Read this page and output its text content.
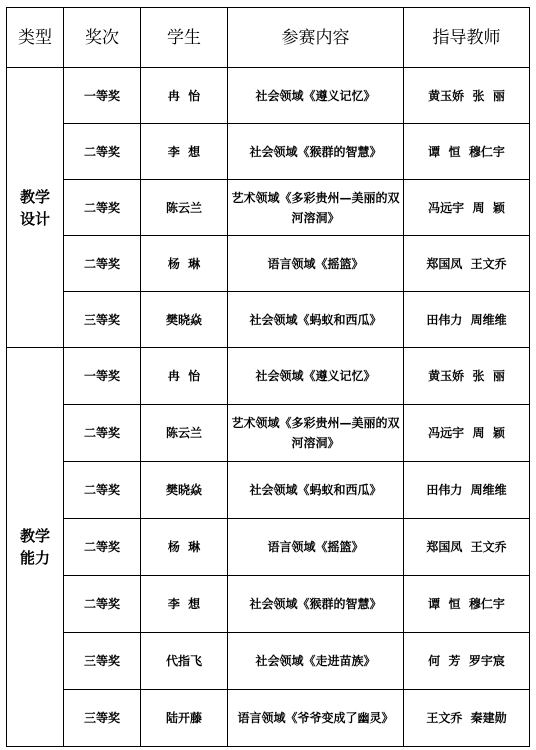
类型	奖次	学生	参赛内容	指导教师
教学
设计	一等奖	冉  怡	社会领域《遵义记忆》	黄玉娇  张  丽
	二等奖	李  想	社会领域《猴群的智慧》	谭  恒  穆仁宇
	二等奖	陈云兰	艺术领域《多彩贵州—美丽的双河溶洞》	冯远宇  周  颖
	二等奖	杨  琳	语言领域《摇篮》	郑国凤  王文乔
	三等奖	樊晓焱	社会领域《蚂蚁和西瓜》	田伟力  周维维
教学
能力	一等奖	冉  怡	社会领域《遵义记忆》	黄玉娇  张  丽
	二等奖	陈云兰	艺术领域《多彩贵州—美丽的双河溶洞》	冯远宇  周  颖
	二等奖	樊晓焱	社会领域《蚂蚁和西瓜》	田伟力  周维维
	二等奖	杨  琳	语言领域《摇篮》	郑国凤  王文乔
	二等奖	李  想	社会领域《猴群的智慧》	谭  恒  穆仁宇
	三等奖	代指飞	社会领域《走进苗族》	何  芳  罗宇宸
	三等奖	陆开藤	语言领域《爷爷变成了幽灵》	王文乔  秦建勋
